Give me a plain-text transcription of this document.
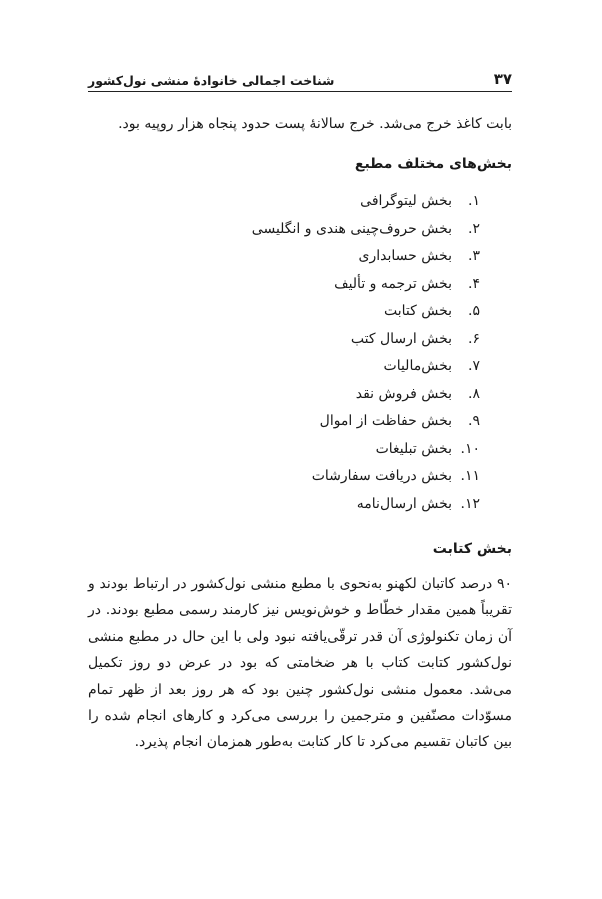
۳۷
شناخت اجمالی خانوادهٔ منشی نول‌کشور

بابت کاغذ خرج می‌شد. خرج سالانهٔ پست حدود پنجاه هزار روپیه بود.

بخش‌های مختلف مطبع
۱.
بخش لیتوگرافی
۲.
بخش حروف‌چینی هندی و انگلیسی
۳.
بخش حسابداری
۴.
بخش ترجمه و تألیف
۵.
بخش کتابت
۶.
بخش ارسال کتب
۷.
بخش‌مالیات
۸.
بخش فروش نقد
۹.
بخش حفاظت از اموال
۱۰.
بخش تبلیغات
۱۱.
بخش دریافت سفارشات
۱۲.
بخش ارسال‌نامه
بخش کتابت

۹۰ درصد کاتبان لکهنو به‌نحوی با مطبع منشی نول‌کشور در ارتباط بودند و تقریباً همین مقدار خطّاط و خوش‌نویس نیز کارمند رسمی مطبع بودند. در آن زمان تکنولوژی آن قدر ترقّی‌یافته نبود ولی با این حال در مطبع منشی نول‌کشور کتابت کتاب با هر ضخامتی که بود در عرض دو روز تکمیل می‌شد. معمول منشی نول‌کشور چنین بود که هر روز بعد از ظهر تمام مسوّدات مصنّفین و مترجمین را بررسی می‌کرد و کارهای انجام شده را بین کاتبان تقسیم می‌کرد تا کار کتابت به‌طور همزمان انجام پذیرد.
